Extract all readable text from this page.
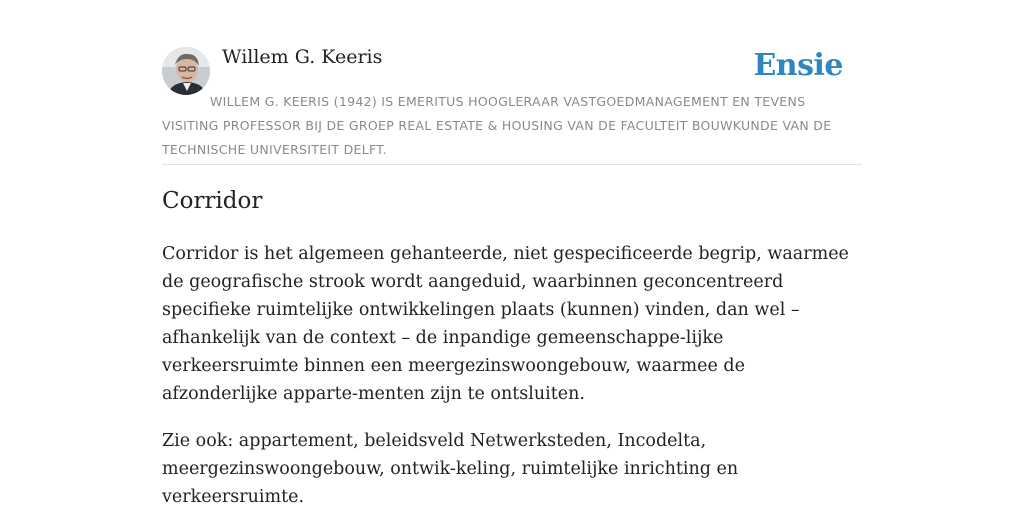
Willem G. Keeris	Ensie
WILLEM G. KEERIS (1942) IS EMERITUS HOOGLERAAR VASTGOEDMANAGEMENT EN TEVENS VISITING PROFESSOR BIJ DE GROEP REAL ESTATE & HOUSING VAN DE FACULTEIT BOUWKUNDE VAN DE TECHNISCHE UNIVERSITEIT DELFT.
Corridor

Corridor is het algemeen gehanteerde, niet gespecificeerde begrip, waarmee de geografische strook wordt aangeduid, waarbinnen geconcentreerd specifieke ruimtelijke ontwikkelingen plaats (kunnen) vinden, dan wel – afhankelijk van de context – de inpandige gemeenschappe-lijke verkeersruimte binnen een meergezinswoongebouw, waarmee de afzonderlijke apparte-menten zijn te ontsluiten.

Zie ook: appartement, beleidsveld Netwerksteden, Incodelta, meergezinswoongebouw, ontwik-keling, ruimtelijke inrichting en verkeersruimte.
